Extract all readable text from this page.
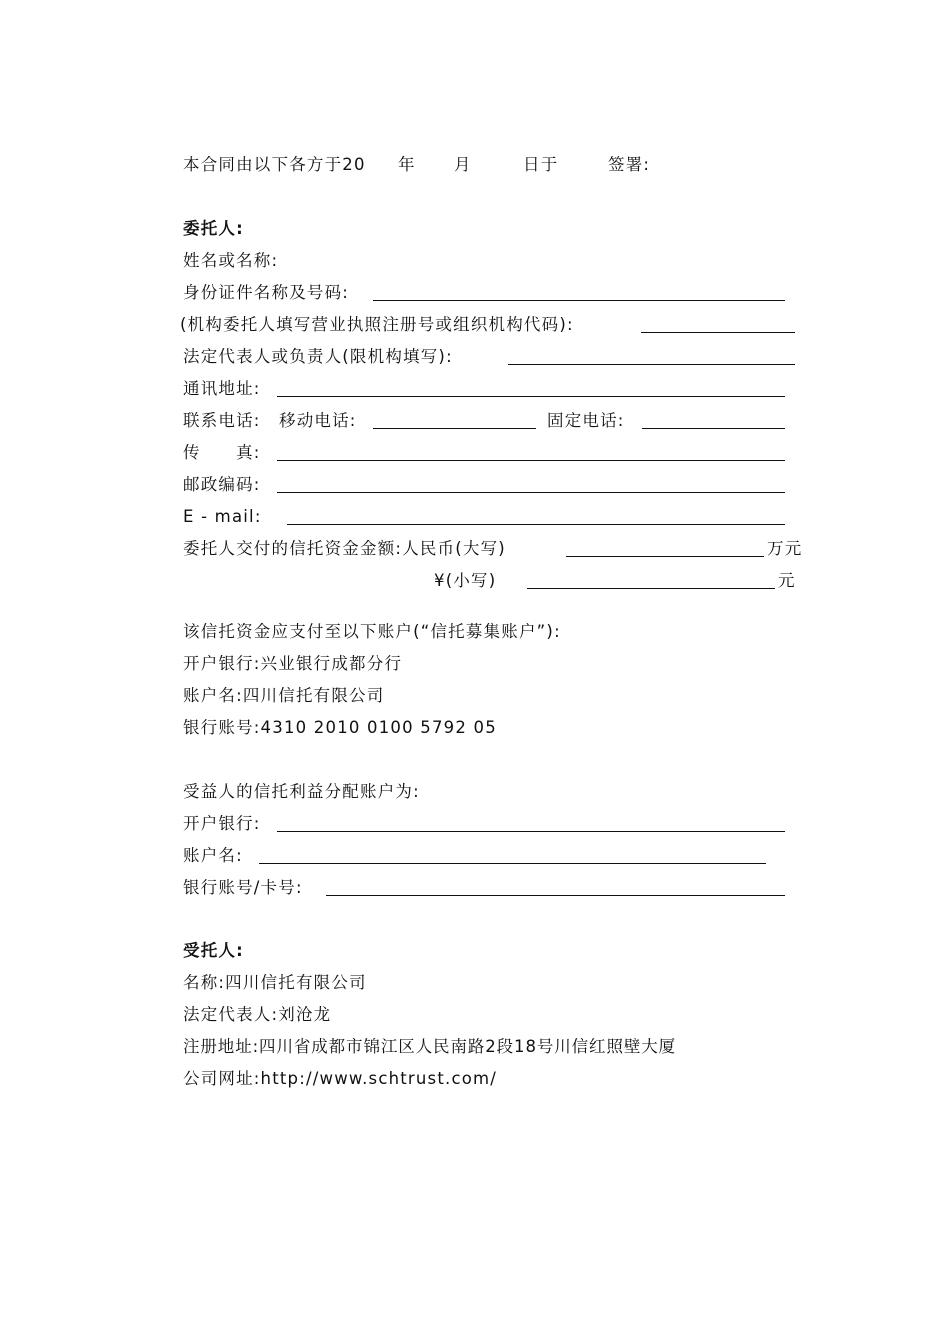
本合同由以下各方于20 年 月	日于	签署:
委托人:
姓名或名称:
身份证件名称及号码:
(机构委托人填写营业执照注册号或组织机构代码):
法定代表人或负责人(限机构填写):
通讯地址:
联系电话: 移动电话:	固定电话:
传　　真:
邮政编码:
E - mail:
委托人交付的信托资金金额:人民币(大写)	万元
¥(小写)	元
该信托资金应支付至以下账户(“信托募集账户”):
开户银行:兴业银行成都分行
账户名:四川信托有限公司
银行账号:4310 2010 0100 5792 05
受益人的信托利益分配账户为:
开户银行:
账户名:
银行账号/卡号:
受托人:
名称:四川信托有限公司
法定代表人:刘沧龙
注册地址:四川省成都市锦江区人民南路2段18号川信红照壁大厦
公司网址:http://www.schtrust.com/
